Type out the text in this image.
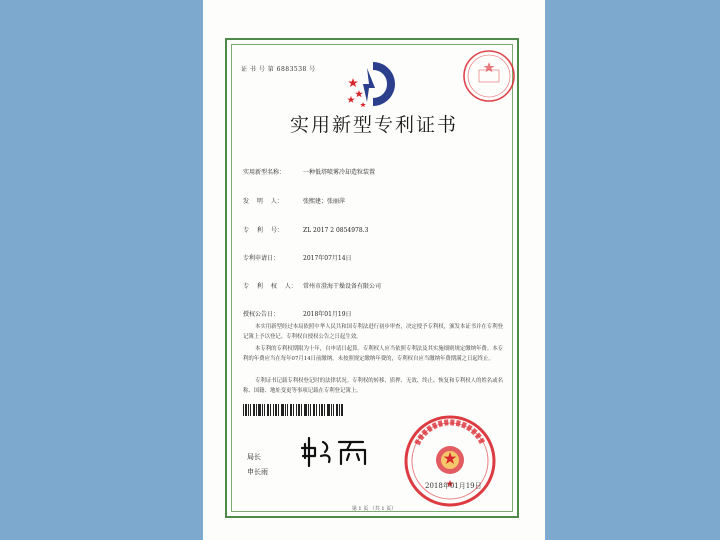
证 书 号 第 6883538 号
实用新型专利证书
实用新型名称：	一种低塔喷雾冷却造粒装置
发　 明　 人：	张熙建；张丽萍
专　 利　 号：	ZL 2017 2 0854978.3
专利申请日：	2017年07月14日
专　 利　 权　 人： 常州市澄海干燥设备有限公司
授权公告日：	2018年01月19日
本实用新型经过本局依照中华人民共和国专利法进行初步审查，决定授予专利权，颁发本证书并在专利登记簿上予以登记。专利权自授权公告之日起生效。
本专利的专利权期限为十年，自申请日起算。专利权人应当依照专利法及其实施细则规定缴纳年费。本专利的年费应当在每年07月14日前缴纳。未按照规定缴纳年费的，专利权自应当缴纳年费期满之日起终止。
专利证书记载专利权登记时的法律状况。专利权的转移、质押、无效、终止、恢复和专利权人的姓名或名称、国籍、地址变更等事项记载在专利登记簿上。
局长
申长雨
2018年01月19日
第 1 页 （共 1 页）
